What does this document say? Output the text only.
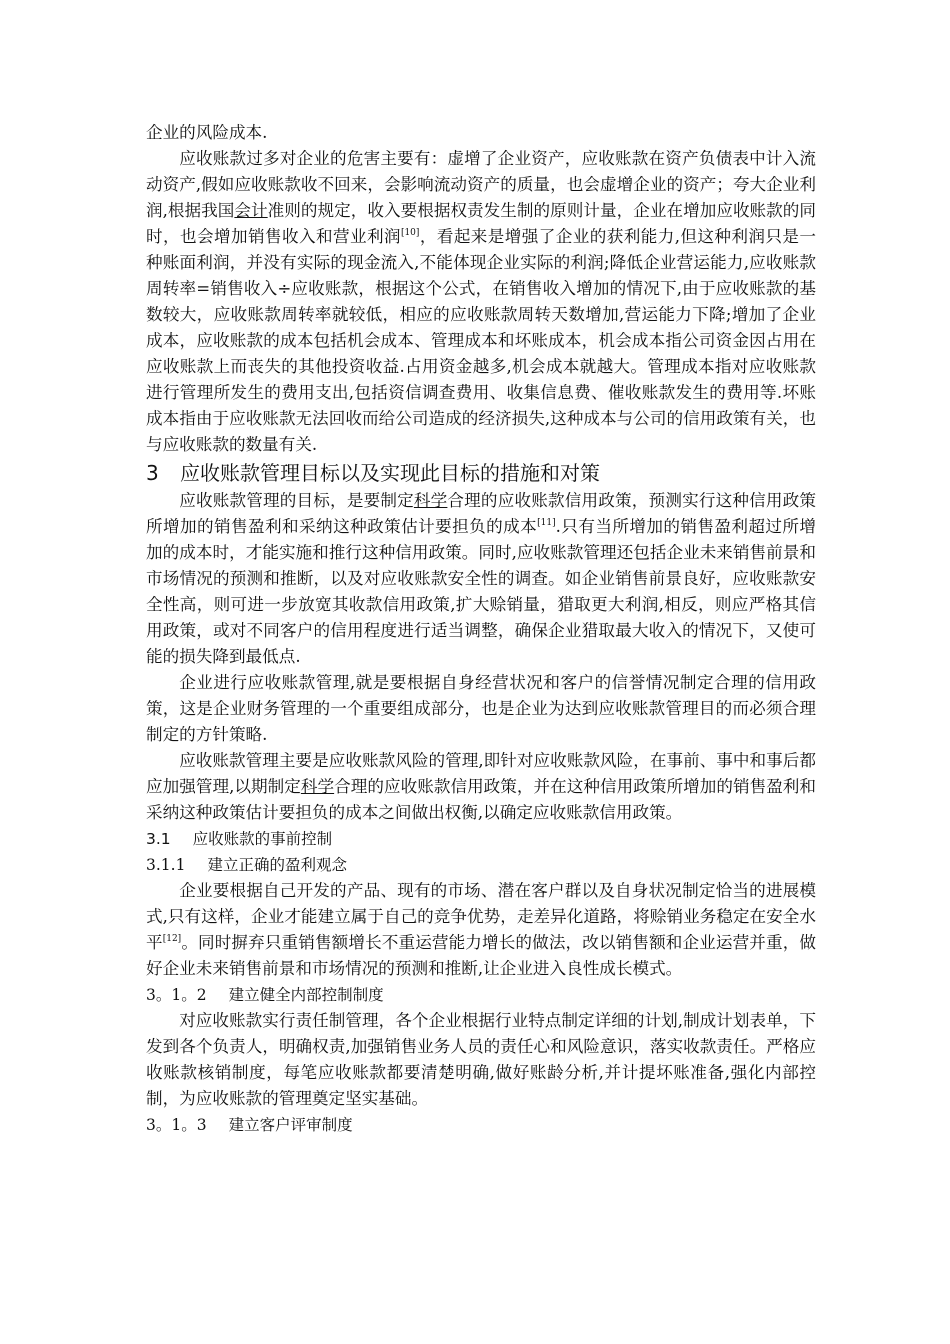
企业的风险成本.

应收账款过多对企业的危害主要有：虚增了企业资产，应收账款在资产负债表中计入流动资产,假如应收账款收不回来，会影响流动资产的质量，也会虚增企业的资产；夸大企业利润,根据我国会计准则的规定，收入要根据权责发生制的原则计量，企业在增加应收账款的同时，也会增加销售收入和营业利润[10]，看起来是增强了企业的获利能力,但这种利润只是一种账面利润，并没有实际的现金流入,不能体现企业实际的利润;降低企业营运能力,应收账款周转率=销售收入÷应收账款，根据这个公式，在销售收入增加的情况下,由于应收账款的基数较大，应收账款周转率就较低，相应的应收账款周转天数增加,营运能力下降;增加了企业成本，应收账款的成本包括机会成本、管理成本和坏账成本，机会成本指公司资金因占用在应收账款上而丧失的其他投资收益.占用资金越多,机会成本就越大。管理成本指对应收账款进行管理所发生的费用支出,包括资信调查费用、收集信息费、催收账款发生的费用等.坏账成本指由于应收账款无法回收而给公司造成的经济损失,这种成本与公司的信用政策有关，也与应收账款的数量有关.

3 应收账款管理目标以及实现此目标的措施和对策

应收账款管理的目标，是要制定科学合理的应收账款信用政策，预测实行这种信用政策所增加的销售盈利和采纳这种政策估计要担负的成本[11].只有当所增加的销售盈利超过所增加的成本时，才能实施和推行这种信用政策。同时,应收账款管理还包括企业未来销售前景和市场情况的预测和推断，以及对应收账款安全性的调查。如企业销售前景良好，应收账款安全性高，则可进一步放宽其收款信用政策,扩大赊销量，猎取更大利润,相反，则应严格其信用政策，或对不同客户的信用程度进行适当调整，确保企业猎取最大收入的情况下，又使可能的损失降到最低点.

企业进行应收账款管理,就是要根据自身经营状况和客户的信誉情况制定合理的信用政策，这是企业财务管理的一个重要组成部分，也是企业为达到应收账款管理目的而必须合理制定的方针策略.

应收账款管理主要是应收账款风险的管理,即针对应收账款风险，在事前、事中和事后都应加强管理,以期制定科学合理的应收账款信用政策，并在这种信用政策所增加的销售盈利和采纳这种政策估计要担负的成本之间做出权衡,以确定应收账款信用政策。

3.1 应收账款的事前控制
3.1.1 建立正确的盈利观念

企业要根据自己开发的产品、现有的市场、潜在客户群以及自身状况制定恰当的进展模式,只有这样，企业才能建立属于自己的竞争优势，走差异化道路，将赊销业务稳定在安全水平[12]。同时摒弃只重销售额增长不重运营能力增长的做法，改以销售额和企业运营并重，做好企业未来销售前景和市场情况的预测和推断,让企业进入良性成长模式。

3。1。2 建立健全内部控制制度

对应收账款实行责任制管理，各个企业根据行业特点制定详细的计划,制成计划表单，下发到各个负责人，明确权责,加强销售业务人员的责任心和风险意识，落实收款责任。严格应收账款核销制度，每笔应收账款都要清楚明确,做好账龄分析,并计提坏账准备,强化内部控制，为应收账款的管理奠定坚实基础。

3。1。3 建立客户评审制度
